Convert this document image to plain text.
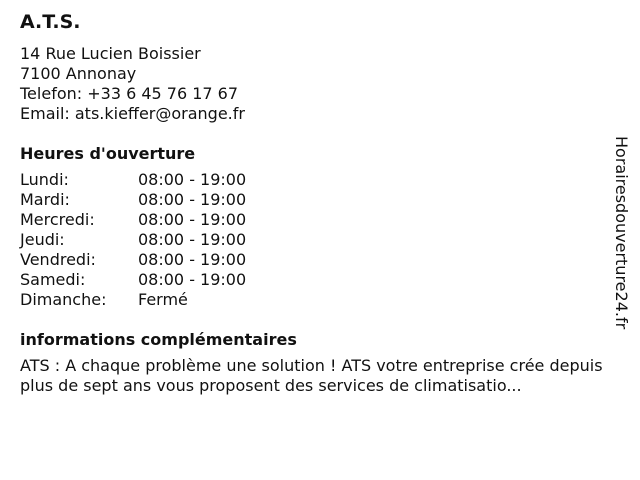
A.T.S.
14 Rue Lucien Boissier
7100 Annonay
Telefon: +33 6 45 76 17 67
Email: ats.kieffer@orange.fr
Heures d'ouverture
Lundi:	08:00 - 19:00
Mardi:	08:00 - 19:00
Mercredi:	08:00 - 19:00
Jeudi:	08:00 - 19:00
Vendredi:	08:00 - 19:00
Samedi:	08:00 - 19:00
Dimanche:	Fermé
informations complémentaires
ATS : A chaque problème une solution ! ATS votre entreprise crée depuis plus de sept ans vous proposent des services de climatisatio...
Horairesdouverture24.fr
